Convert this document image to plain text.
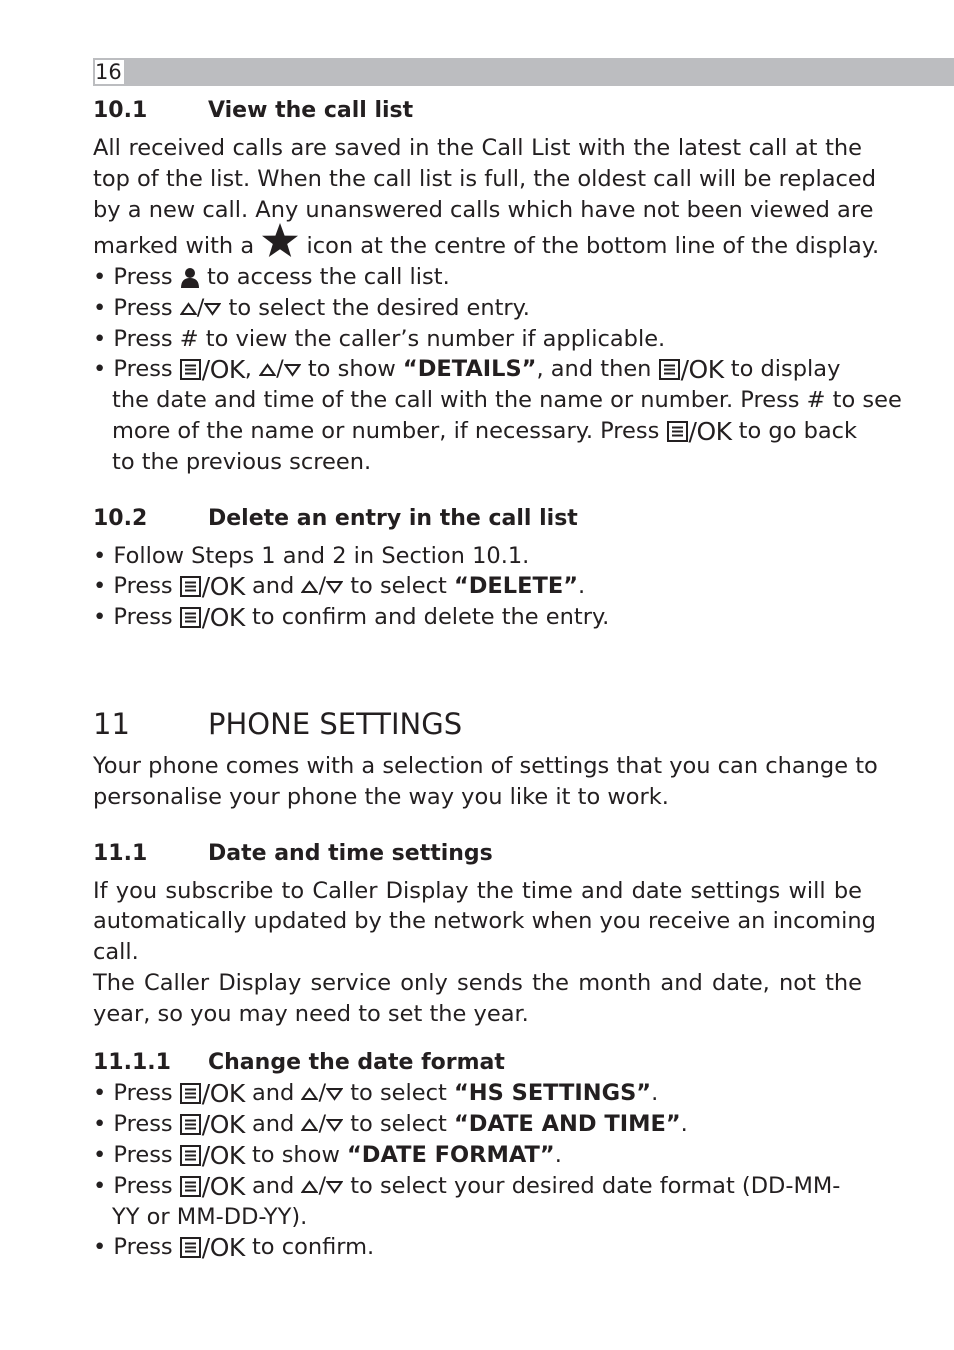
16
10.1	View the call list
All received calls are saved in the Call List with the latest call at the
top of the list. When the call list is full, the oldest call will be replaced
by a new call. Any unanswered calls which have not been viewed are
marked with a icon at the centre of the bottom line of the display.
• Press to access the call list.
• Press / to select the desired entry.
• Press # to view the caller’s number if applicable.
• Press /OK , / to show “DETAILS”, and then /OK to display
the date and time of the call with the name or number. Press # to see
more of the name or number, if necessary. Press /OK to go back
to the previous screen.
10.2	Delete an entry in the call list
• Follow Steps 1 and 2 in Section 10.1.
• Press /OK and / to select “DELETE”.
• Press /OK to confirm and delete the entry.
11	PHONE SETTINGS
Your phone comes with a selection of settings that you can change to
personalise your phone the way you like it to work.
11.1	Date and time settings
If you subscribe to Caller Display the time and date settings will be
automatically updated by the network when you receive an incoming
call.
The Caller Display service only sends the month and date, not the
year, so you may need to set the year.
11.1.1 Change the date format
• Press /OK and / to select “HS SETTINGS”.
• Press /OK and / to select “DATE AND TIME”.
• Press /OK to show “DATE FORMAT”.
• Press /OK and / to select your desired date format (DD-MM-
YY or MM-DD-YY).
• Press /OK to confirm.
